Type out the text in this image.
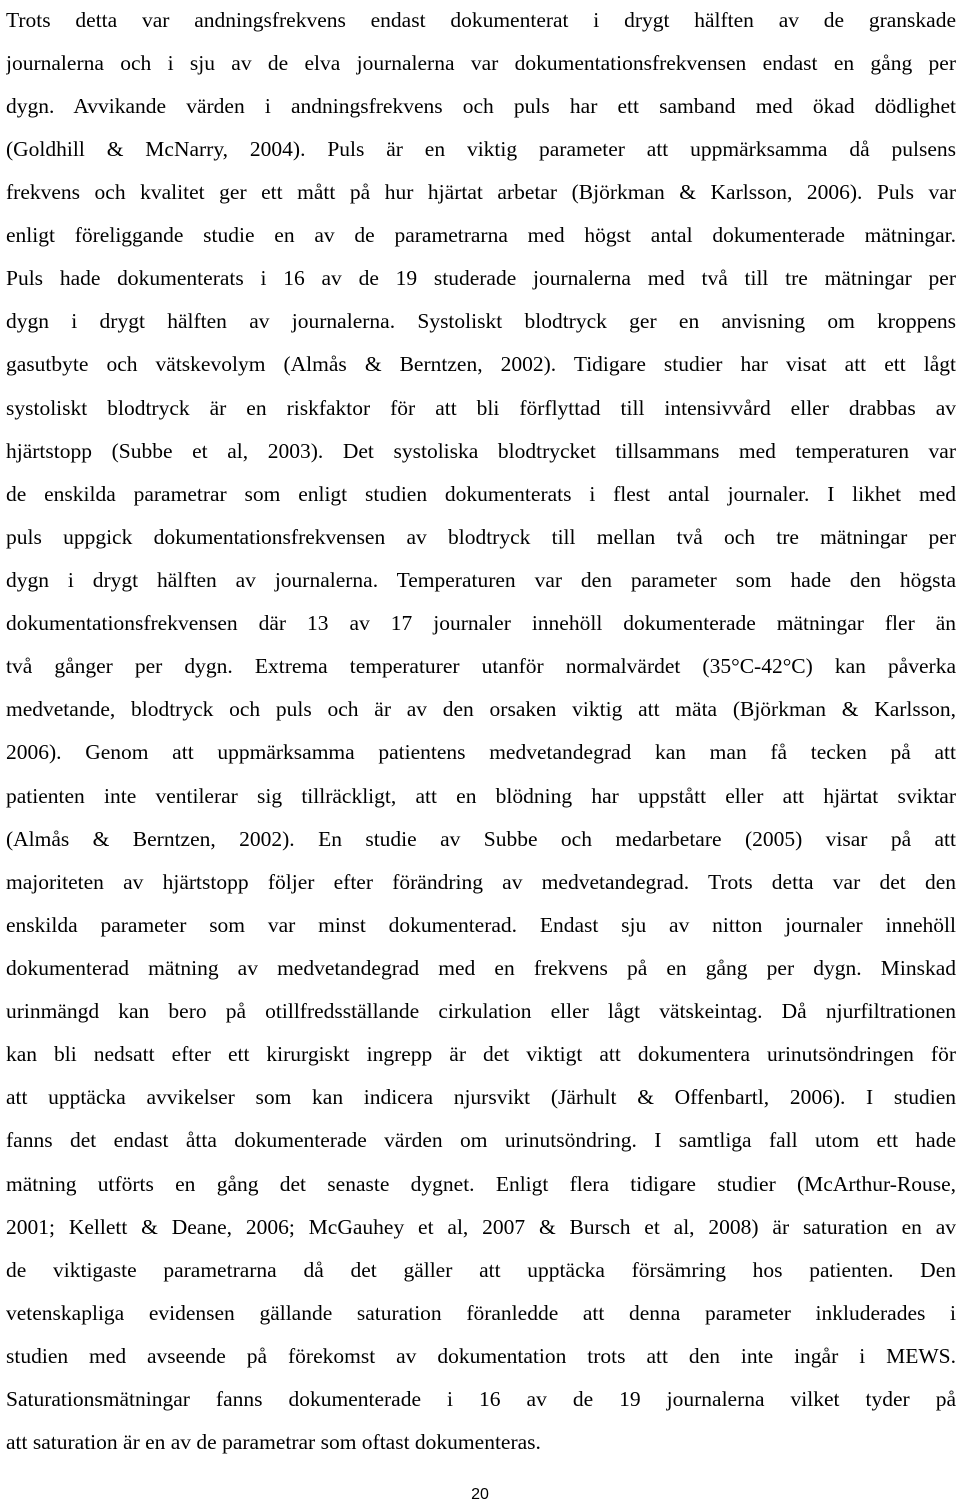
Trots detta var andningsfrekvens endast dokumenterat i drygt hälften av de granskade
journalerna och i sju av de elva journalerna var dokumentationsfrekvensen endast en gång per
dygn. Avvikande värden i andningsfrekvens och puls har ett samband med ökad dödlighet
(Goldhill & McNarry, 2004). Puls är en viktig parameter att uppmärksamma då pulsens
frekvens och kvalitet ger ett mått på hur hjärtat arbetar (Björkman & Karlsson, 2006). Puls var
enligt föreliggande studie en av de parametrarna med högst antal dokumenterade mätningar.
Puls hade dokumenterats i 16 av de 19 studerade journalerna med två till tre mätningar per
dygn i drygt hälften av journalerna. Systoliskt blodtryck ger en anvisning om kroppens
gasutbyte och vätskevolym (Almås & Berntzen, 2002). Tidigare studier har visat att ett lågt
systoliskt blodtryck är en riskfaktor för att bli förflyttad till intensivvård eller drabbas av
hjärtstopp (Subbe et al, 2003). Det systoliska blodtrycket tillsammans med temperaturen var
de enskilda parametrar som enligt studien dokumenterats i flest antal journaler. I likhet med
puls uppgick dokumentationsfrekvensen av blodtryck till mellan två och tre mätningar per
dygn i drygt hälften av journalerna. Temperaturen var den parameter som hade den högsta
dokumentationsfrekvensen där 13 av 17 journaler innehöll dokumenterade mätningar fler än
två gånger per dygn. Extrema temperaturer utanför normalvärdet (35°C-42°C) kan påverka
medvetande, blodtryck och puls och är av den orsaken viktig att mäta (Björkman & Karlsson,
2006). Genom att uppmärksamma patientens medvetandegrad kan man få tecken på att
patienten inte ventilerar sig tillräckligt, att en blödning har uppstått eller att hjärtat sviktar
(Almås & Berntzen, 2002). En studie av Subbe och medarbetare (2005) visar på att
majoriteten av hjärtstopp följer efter förändring av medvetandegrad. Trots detta var det den
enskilda parameter som var minst dokumenterad. Endast sju av nitton journaler innehöll
dokumenterad mätning av medvetandegrad med en frekvens på en gång per dygn. Minskad
urinmängd kan bero på otillfredsställande cirkulation eller lågt vätskeintag. Då njurfiltrationen
kan bli nedsatt efter ett kirurgiskt ingrepp är det viktigt att dokumentera urinutsöndringen för
att upptäcka avvikelser som kan indicera njursvikt (Järhult & Offenbartl, 2006). I studien
fanns det endast åtta dokumenterade värden om urinutsöndring. I samtliga fall utom ett hade
mätning utförts en gång det senaste dygnet. Enligt flera tidigare studier (McArthur-Rouse,
2001; Kellett & Deane, 2006; McGauhey et al, 2007 & Bursch et al, 2008) är saturation en av
de viktigaste parametrarna då det gäller att upptäcka försämring hos patienten. Den
vetenskapliga evidensen gällande saturation föranledde att denna parameter inkluderades i
studien med avseende på förekomst av dokumentation trots att den inte ingår i MEWS.
Saturationsmätningar fanns dokumenterade i 16 av de 19 journalerna vilket tyder på
att saturation är en av de parametrar som oftast dokumenteras.
20
